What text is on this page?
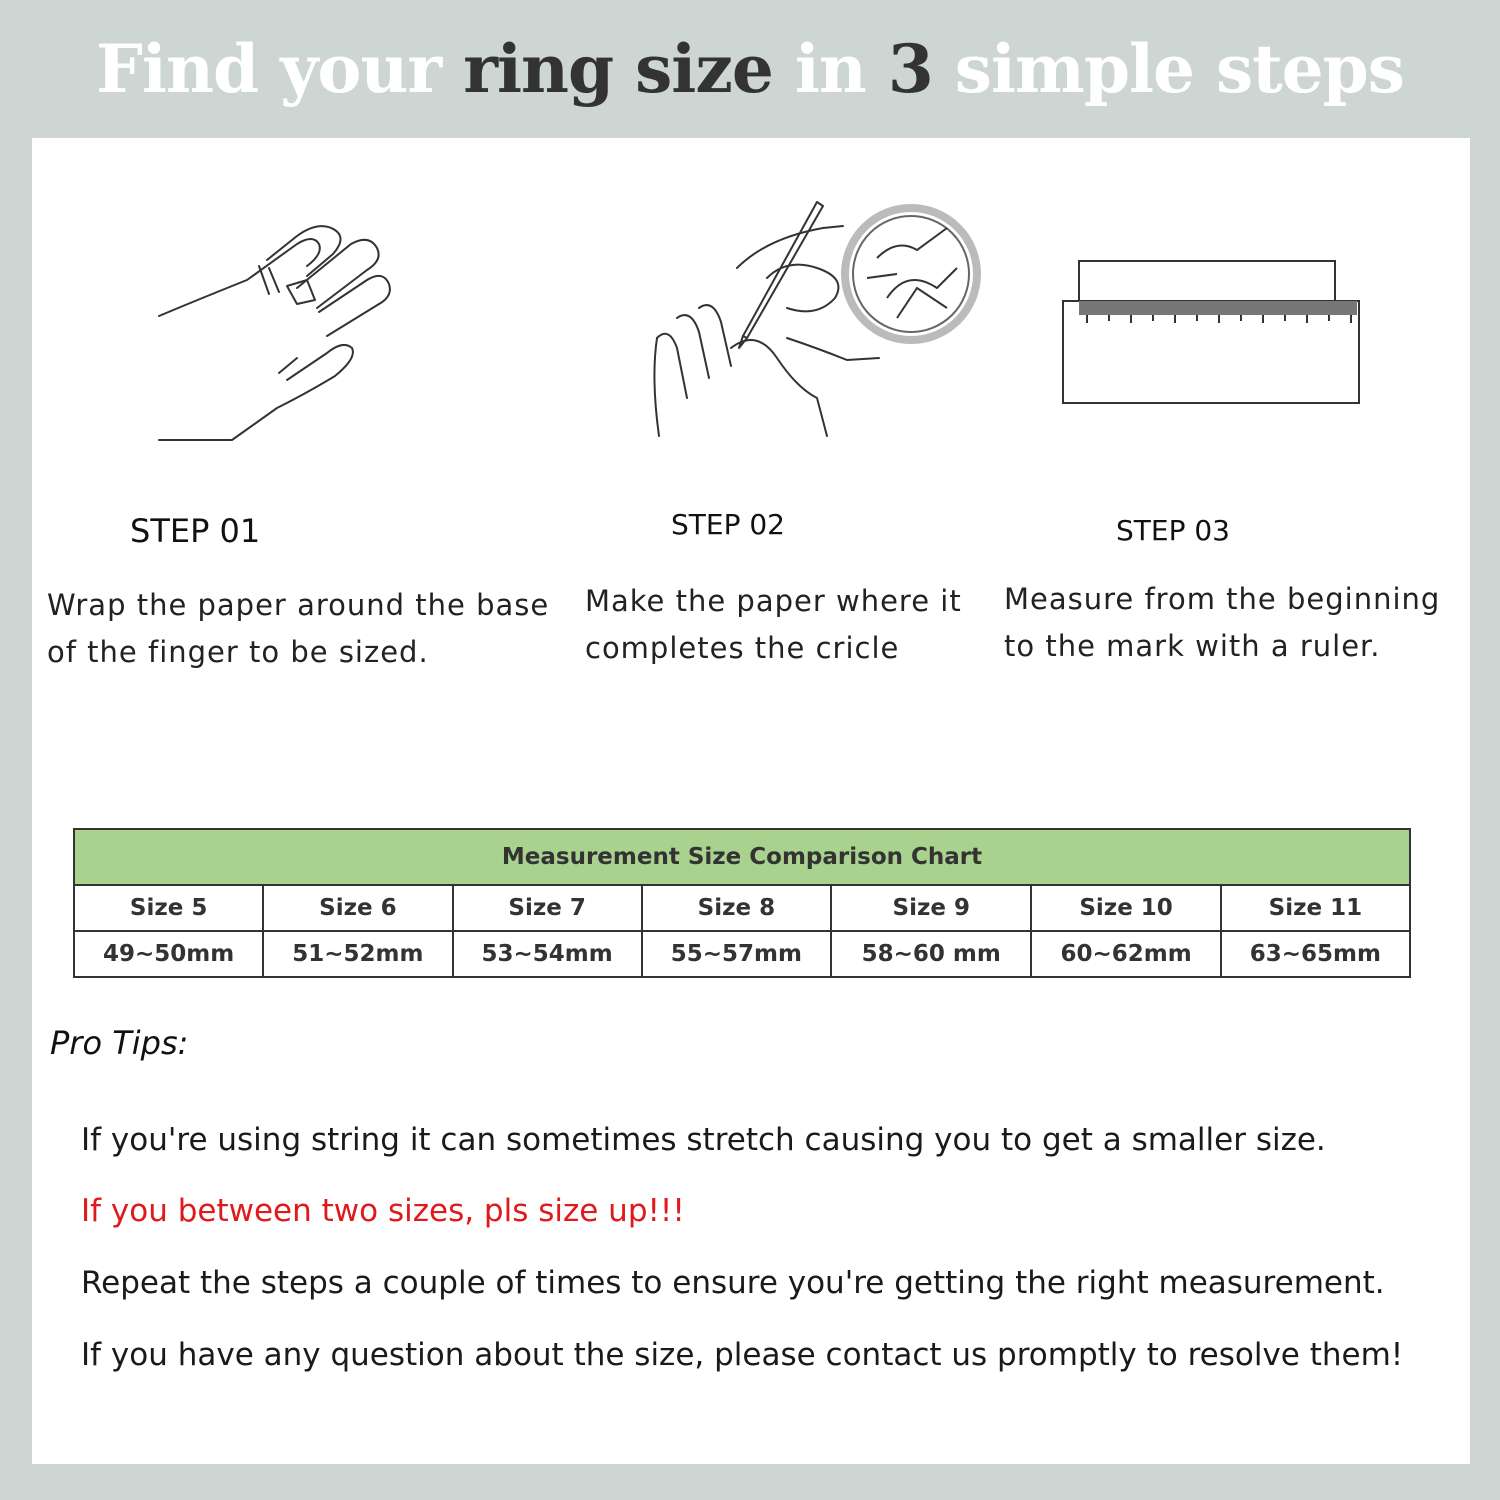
Find your ring size in 3 simple steps
STEP 01
Wrap the paper around the base
of the finger to be sized.
STEP 02
Make the paper where it
completes the cricle
STEP 03
Measure from the beginning
to the mark with a ruler.
Measurement Size Comparison Chart						
Size 5	Size 6	Size 7	Size 8	Size 9	Size 10	Size 11
49~50mm	51~52mm	53~54mm	55~57mm	58~60 mm	60~62mm	63~65mm
Pro Tips:
If you're using string it can sometimes stretch causing you to get a smaller size.
If you between two sizes, pls size up!!!
Repeat the steps a couple of times to ensure you're getting the right measurement.
If you have any question about the size, please contact us promptly to resolve them!
